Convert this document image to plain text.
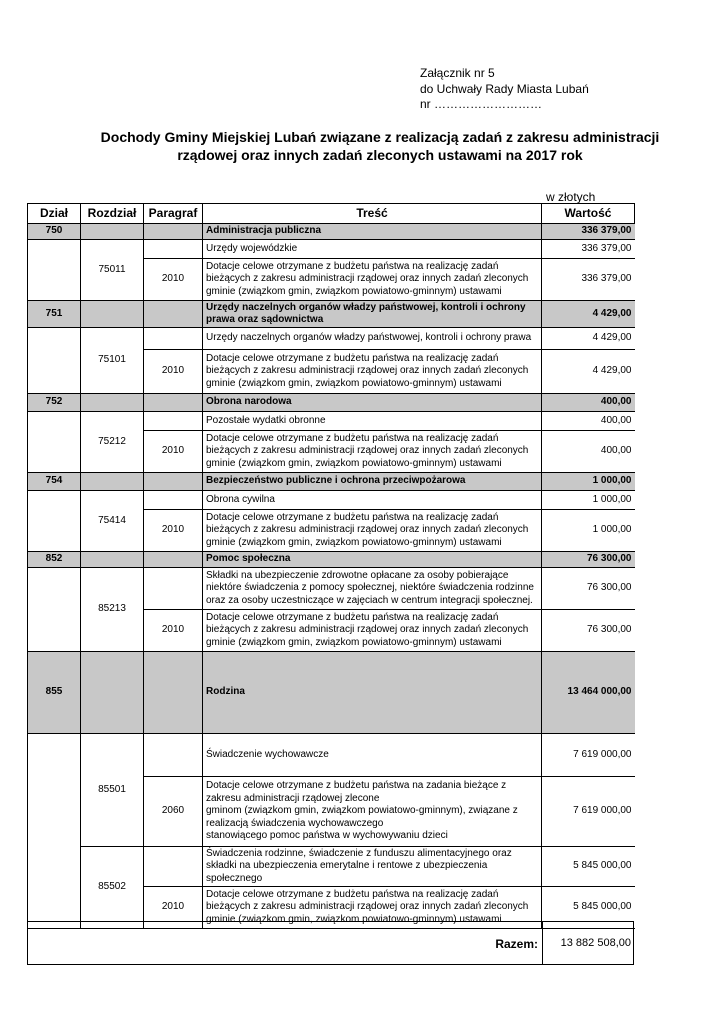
Załącznik nr 5
do Uchwały Rady Miasta Lubań
nr ………………………
Dochody Gminy Miejskiej Lubań związane z realizacją zadań z zakresu administracji
rządowej oraz innych zadań zleconych ustawami na 2017 rok
w złotych
Dział	Rozdział	Paragraf	Treść	Wartość
750			Administracja publiczna	336 379,00
	75011		Urzędy wojewódzkie	336 379,00
		2010	Dotacje celowe otrzymane z budżetu państwa na realizację zadań bieżących z zakresu administracji rządowej oraz innych zadań zleconych gminie (związkom gmin, związkom powiatowo-gminnym) ustawami	336 379,00
751			Urzędy naczelnych organów władzy państwowej, kontroli i ochrony prawa oraz sądownictwa	4 429,00
	75101		Urzędy naczelnych organów władzy państwowej, kontroli i ochrony prawa	4 429,00
		2010	Dotacje celowe otrzymane z budżetu państwa na realizację zadań bieżących z zakresu administracji rządowej oraz innych zadań zleconych gminie (związkom gmin, związkom powiatowo-gminnym) ustawami	4 429,00
752			Obrona narodowa	400,00
	75212		Pozostałe wydatki obronne	400,00
		2010	Dotacje celowe otrzymane z budżetu państwa na realizację zadań bieżących z zakresu administracji rządowej oraz innych zadań zleconych gminie (związkom gmin, związkom powiatowo-gminnym) ustawami	400,00
754			Bezpieczeństwo publiczne i ochrona przeciwpożarowa	1 000,00
	75414		Obrona cywilna	1 000,00
		2010	Dotacje celowe otrzymane z budżetu państwa na realizację zadań bieżących z zakresu administracji rządowej oraz innych zadań zleconych gminie (związkom gmin, związkom powiatowo-gminnym) ustawami	1 000,00
852			Pomoc społeczna	76 300,00
	85213		Składki na ubezpieczenie zdrowotne opłacane za osoby pobierające niektóre świadczenia z pomocy społecznej, niektóre świadczenia rodzinne oraz za osoby uczestniczące w zajęciach w centrum integracji społecznej.	76 300,00
		2010	Dotacje celowe otrzymane z budżetu państwa na realizację zadań bieżących z zakresu administracji rządowej oraz innych zadań zleconych gminie (związkom gmin, związkom powiatowo-gminnym) ustawami	76 300,00
855			Rodzina	13 464 000,00
	85501		Świadczenie wychowawcze	7 619 000,00
		2060	Dotacje celowe otrzymane z budżetu państwa na zadania bieżące z zakresu administracji rządowej zlecone
gminom (związkom gmin, związkom powiatowo-gminnym), związane z realizacją świadczenia wychowawczego
stanowiącego pomoc państwa w wychowywaniu dzieci	7 619 000,00
	85502		Świadczenia rodzinne, świadczenie z funduszu alimentacyjnego oraz składki na ubezpieczenia emerytalne i rentowe z ubezpieczenia społecznego	5 845 000,00
		2010	Dotacje celowe otrzymane z budżetu państwa na realizację zadań bieżących z zakresu administracji rządowej oraz innych zadań zleconych gminie (związkom gmin, związkom powiatowo-gminnym) ustawami	5 845 000,00
Razem: 13 882 508,00
